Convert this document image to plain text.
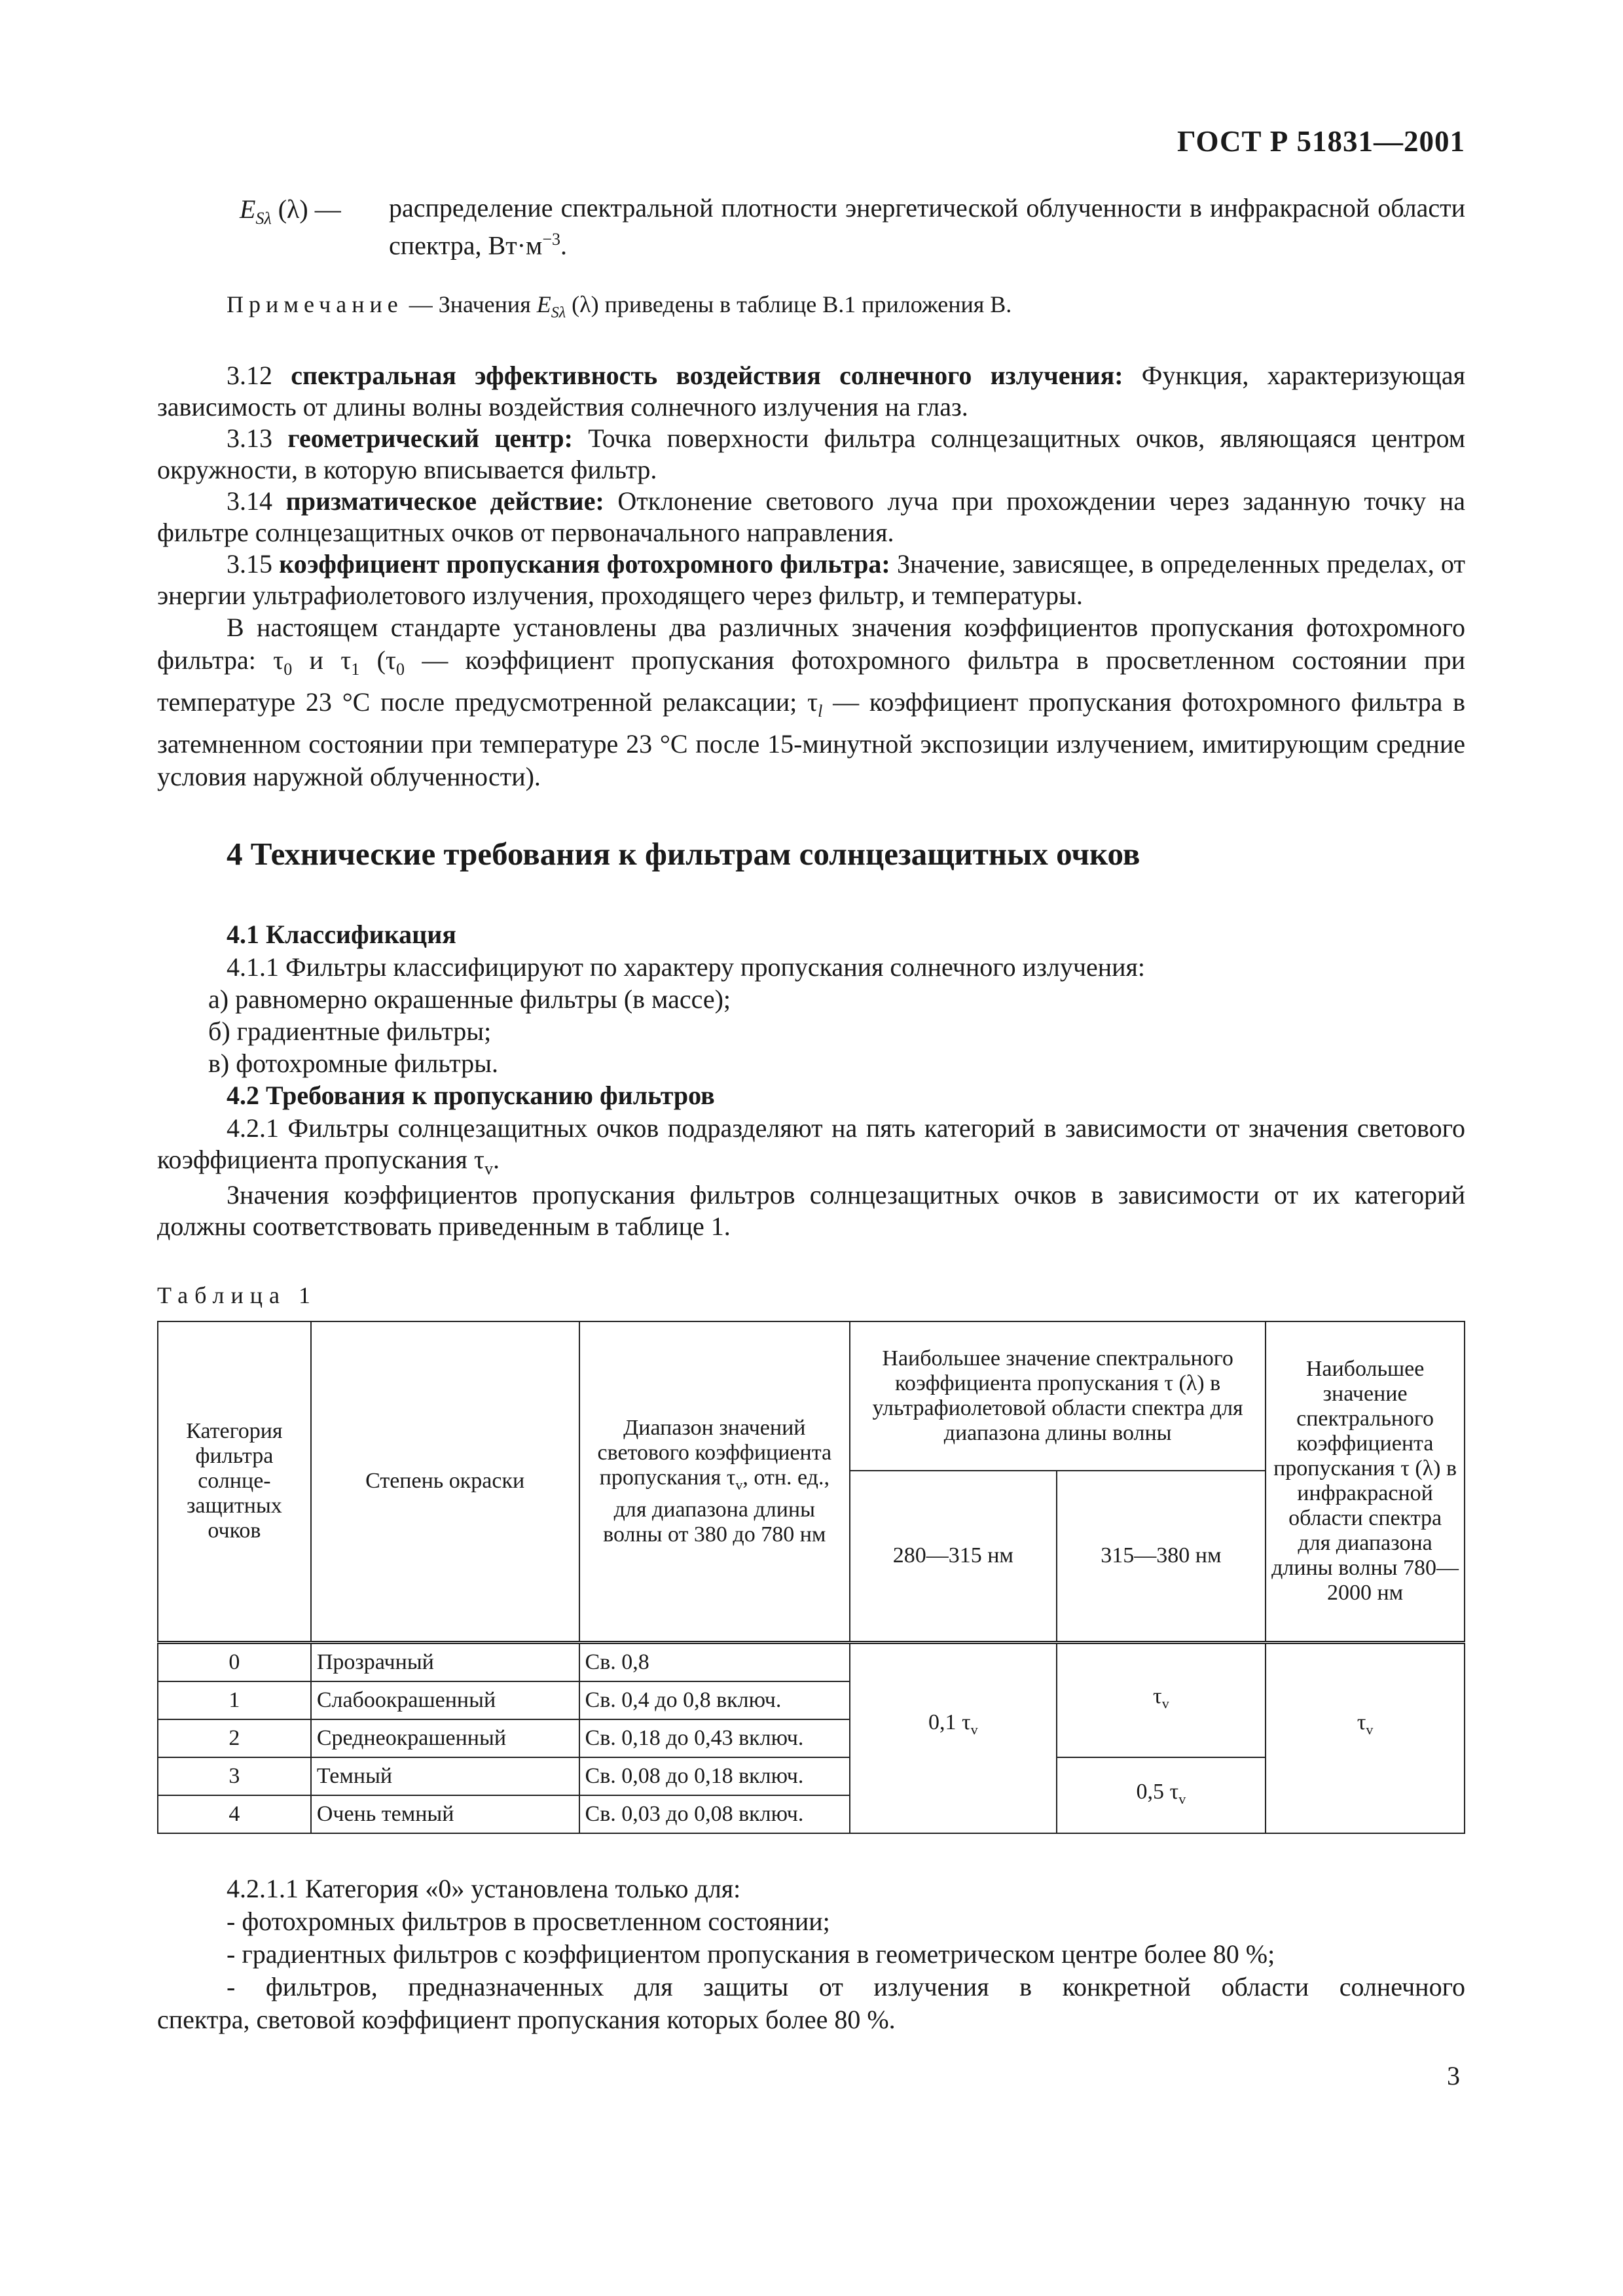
ГОСТ Р 51831—2001
$E_{S\lambda}$ (λ) — распределение спектральной плотности энергетической облученности в инфракрасной области спектра, $Вт\cdot м^{-3}$.
Примечание — Значения $E_{S\lambda}$ (λ) приведены в таблице В.1 приложения В.
3.12 спектральная эффективность воздействия солнечного излучения: Функция, характеризующая зависимость от длины волны воздействия солнечного излучения на глаз.
3.13 геометрический центр: Точка поверхности фильтра солнцезащитных очков, являющаяся центром окружности, в которую вписывается фильтр.
3.14 призматическое действие: Отклонение светового луча при прохождении через заданную точку на фильтре солнцезащитных очков от первоначального направления.
3.15 коэффициент пропускания фотохромного фильтра: Значение, зависящее, в определенных пределах, от энергии ультрафиолетового излучения, проходящего через фильтр, и температуры.
В настоящем стандарте установлены два различных значения коэффициентов пропускания фотохромного фильтра: $\tau_0$ и $\tau_1$ ($\tau_0$ — коэффициент пропускания фотохромного фильтра в просветленном состоянии при температуре 23 °С после предусмотренной релаксации; $\tau_l$ — коэффициент пропускания фотохромного фильтра в затемненном состоянии при температуре 23 °С после 15-минутной экспозиции излучением, имитирующим средние условия наружной облученности).
4 Технические требования к фильтрам солнцезащитных очков
4.1 Классификация
4.1.1 Фильтры классифицируют по характеру пропускания солнечного излучения:
а) равномерно окрашенные фильтры (в массе);
б) градиентные фильтры;
в) фотохромные фильтры.
4.2 Требования к пропусканию фильтров
4.2.1 Фильтры солнцезащитных очков подразделяют на пять категорий в зависимости от значения светового коэффициента пропускания $\tau_v$.
Значения коэффициентов пропускания фильтров солнцезащитных очков в зависимости от их категорий должны соответствовать приведенным в таблице 1.
Таблица 1
Категория фильтра солнце-защитных очков	Степень окраски	Диапазон значений светового коэффициента пропускания $\tau_v$, отн. ед., для диапазона длины волны от 380 до 780 нм	Наибольшее значение спектрального коэффициента пропускания τ (λ) в ультрафиолетовой области спектра для диапазона длины волны		Наибольшее значение спектрального коэффициента пропускания τ (λ) в инфракрасной области спектра для диапазона длины волны 780—2000 нм
			280—315 нм	315—380 нм	
0	Прозрачный	Св. 0,8	0,1 $\tau_v$	$\tau_v$	$\tau_v$
1	Слабоокрашенный	Св. 0,4 до 0,8 включ.			
2	Среднеокрашенный	Св. 0,18 до 0,43 включ.			
3	Темный	Св. 0,08 до 0,18 включ.		0,5 $\tau_v$
4	Очень темный	Св. 0,03 до 0,08 включ.			
4.2.1.1 Категория «0» установлена только для:
- фотохромных фильтров в просветленном состоянии;
- градиентных фильтров с коэффициентом пропускания в геометрическом центре более 80 %;
- фильтров, предназначенных для защиты от излучения в конкретной области солнечного
спектра, световой коэффициент пропускания которых более 80 %.
3
